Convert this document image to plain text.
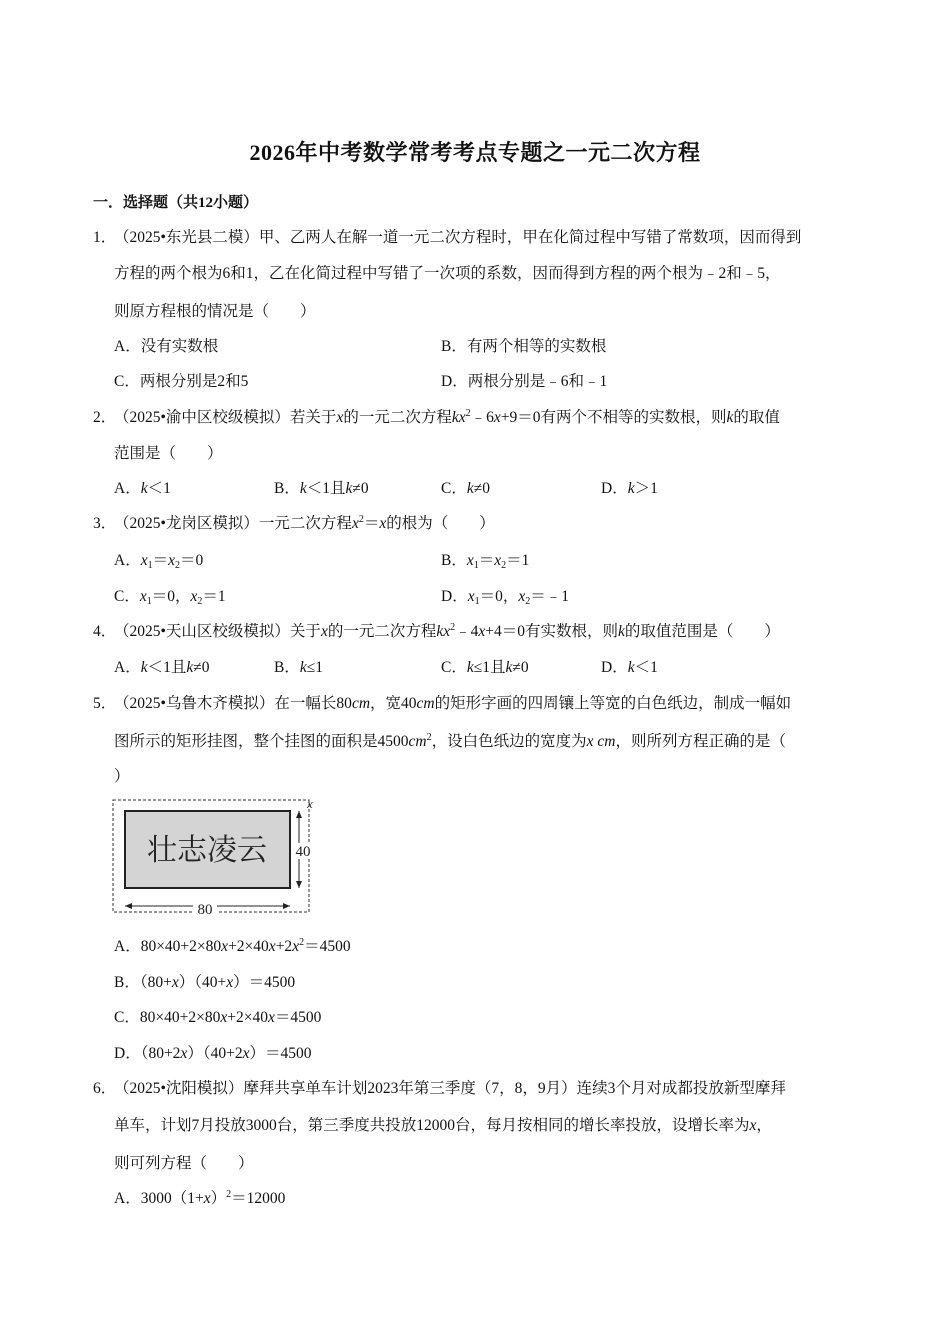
2026年中考数学常考考点专题之一元二次方程
一．选择题（共12小题）
1．
（2025•东光县二模）甲、乙两人在解一道一元二次方程时，甲在化简过程中写错了常数项，因而得到
方程的两个根为6和1，乙在化简过程中写错了一次项的系数，因而得到方程的两个根为﹣2和﹣5，
则原方程根的情况是（　　）
A．没有实数根	B．有两个相等的实数根
C．两根分别是2和5	D．两根分别是﹣6和﹣1
2．
（2025•渝中区校级模拟）若关于x的一元二次方程$kx^2﹣6x+9=0$有两个不相等的实数根，则k的取值
范围是（　　）
A．k＜1	B．k＜1且k≠0	C．k≠0	D．k＞1
3．
（2025•龙岗区模拟）一元二次方程$x^2=x$的根为（　　）
A．$x_1=x_2=0$	B．$x_1=x_2=1$
C．$x_1=0$，$x_2=1$	D．$x_1=0$，$x_2=﹣1$
4．
（2025•天山区校级模拟）关于x的一元二次方程$kx^2﹣4x+4=0$有实数根，则k的取值范围是（　　）
A．k＜1且k≠0	B．k≤1	C．k≤1且k≠0	D．k＜1
5．
（2025•乌鲁木齐模拟）在一幅长80cm，宽40cm的矩形字画的四周镶上等宽的白色纸边，制成一幅如
图所示的矩形挂图，整个挂图的面积是$4500cm^2$，设白色纸边的宽度为x cm，则所列方程正确的是（
）
壮志凌云
x
40
80
A．$80\times 40+2\times 80x+2\times 40x+2x^2=4500$
B．（80+x）（40+x）＝4500
C．80×40+2×80x+2×40x＝4500
D．（80+2x）（40+2x）＝4500
6．
（2025•沈阳模拟）摩拜共享单车计划2023年第三季度（7，8，9月）连续3个月对成都投放新型摩拜
单车，计划7月投放3000台，第三季度共投放12000台，每月按相同的增长率投放，设增长率为x，
则可列方程（　　）
A．$3000(1+x)^2=12000$
